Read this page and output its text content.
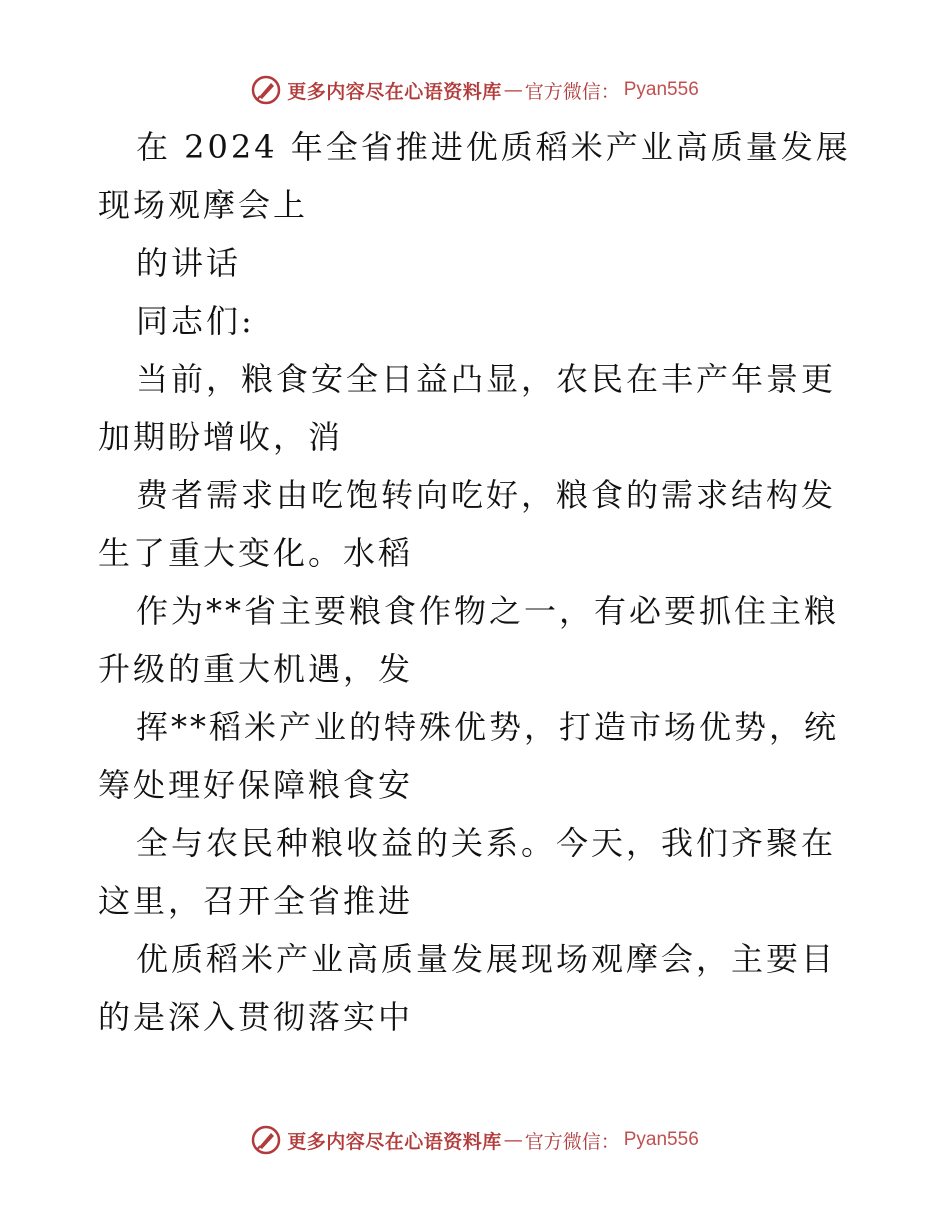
更多内容尽在心语资料库 — 官方微信： Pyan556

在 2024 年全省推进优质稻米产业高质量发展现场观摩会上

的讲话

同志们:

当前，粮食安全日益凸显，农民在丰产年景更加期盼增收，消

费者需求由吃饱转向吃好，粮食的需求结构发生了重大变化。水稻

作为**省主要粮食作物之一，有必要抓住主粮升级的重大机遇，发

挥**稻米产业的特殊优势，打造市场优势，统筹处理好保障粮食安

全与农民种粮收益的关系。今天，我们齐聚在这里，召开全省推进

优质稻米产业高质量发展现场观摩会，主要目的是深入贯彻落实中

更多内容尽在心语资料库 — 官方微信： Pyan556
